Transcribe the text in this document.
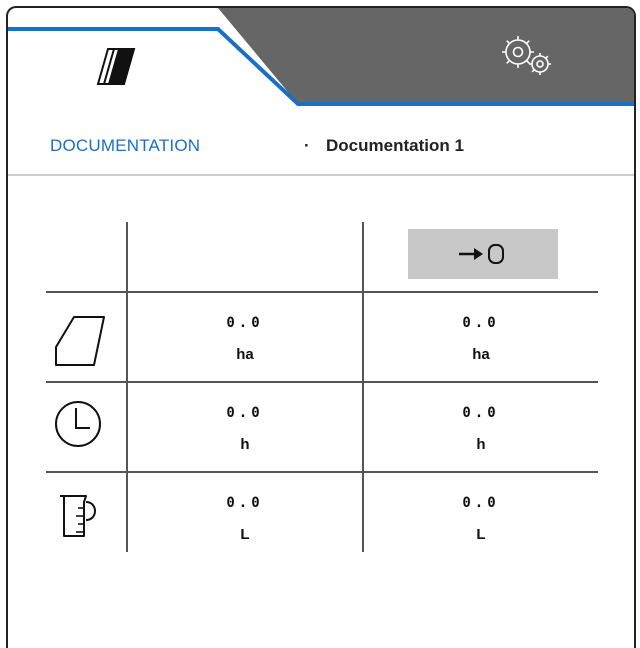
DOCUMENTATION	· Documentation 1
0.0
ha
0.0
ha
0.0
h
0.0
h
0.0
L
0.0
L
